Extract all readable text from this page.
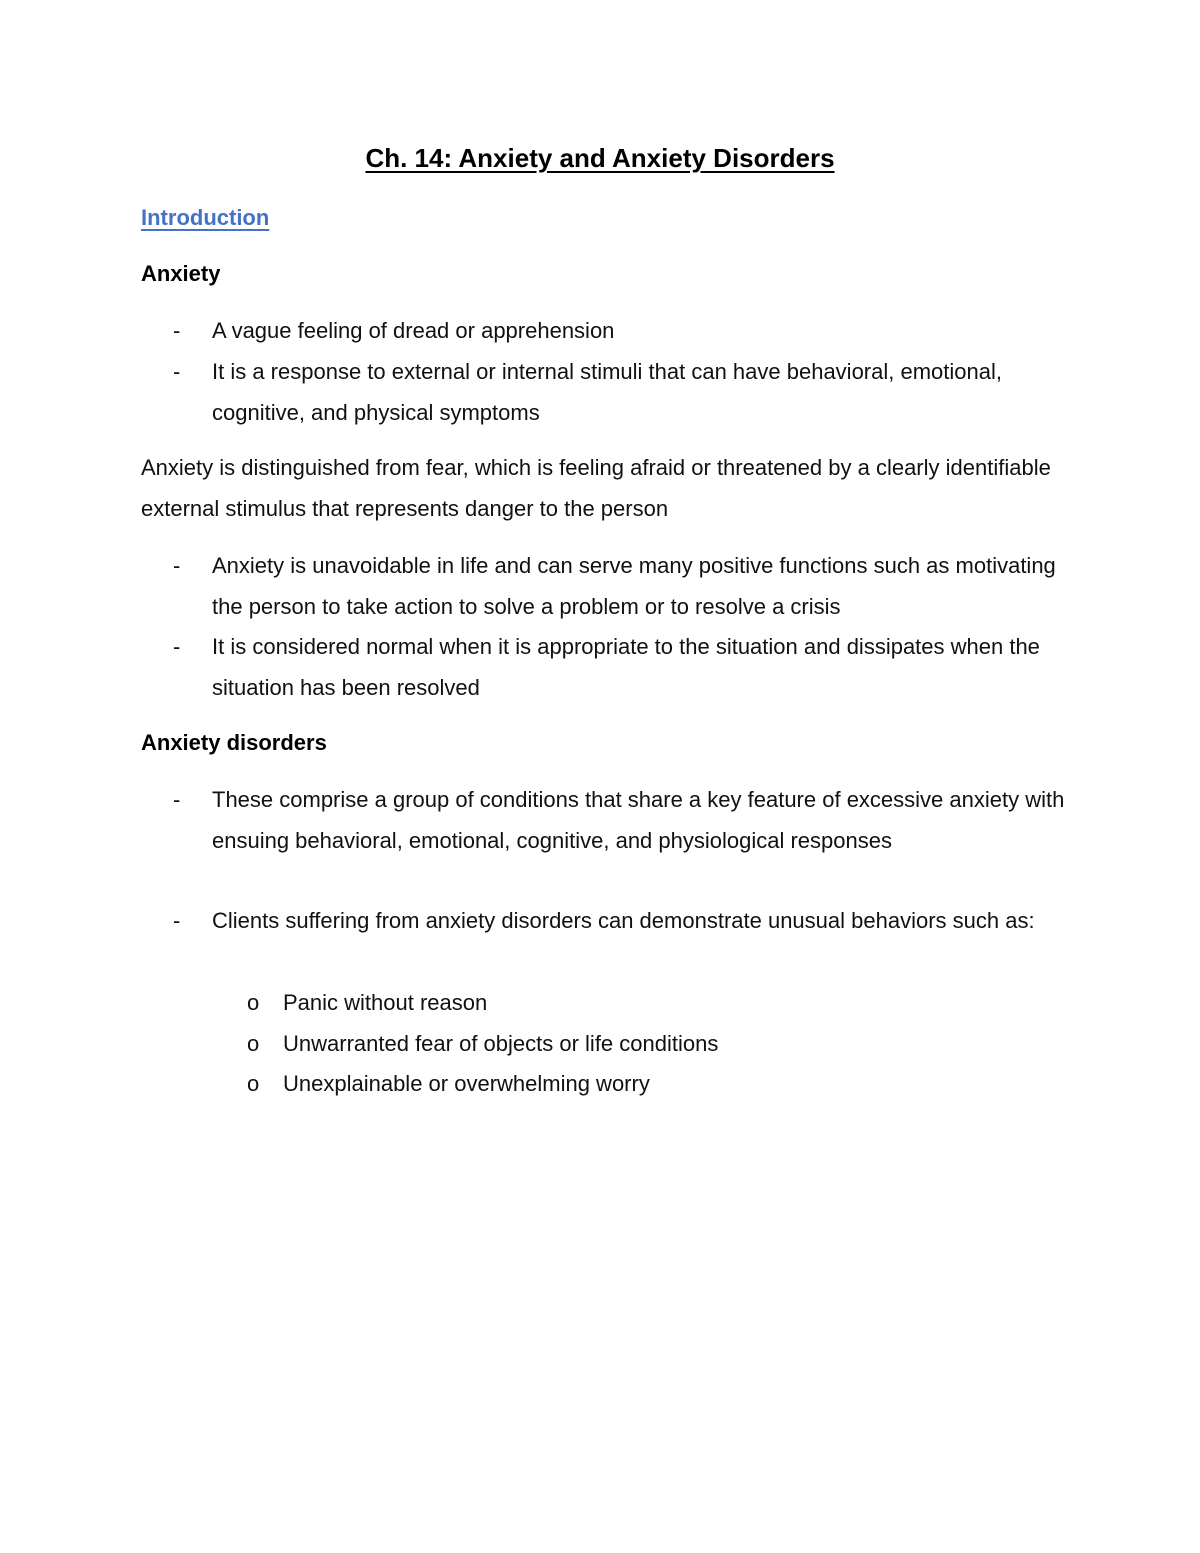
Ch. 14: Anxiety and Anxiety Disorders
Introduction
Anxiety
- A vague feeling of dread or apprehension
- It is a response to external or internal stimuli that can have behavioral, emotional, cognitive, and physical symptoms
Anxiety is distinguished from fear, which is feeling afraid or threatened by a clearly identifiable external stimulus that represents danger to the person
- Anxiety is unavoidable in life and can serve many positive functions such as motivating the person to take action to solve a problem or to resolve a crisis
- It is considered normal when it is appropriate to the situation and dissipates when the situation has been resolved
Anxiety disorders
- These comprise a group of conditions that share a key feature of excessive anxiety with ensuing behavioral, emotional, cognitive, and physiological responses
- Clients suffering from anxiety disorders can demonstrate unusual behaviors such as:
o Panic without reason
o Unwarranted fear of objects or life conditions
o Unexplainable or overwhelming worry
